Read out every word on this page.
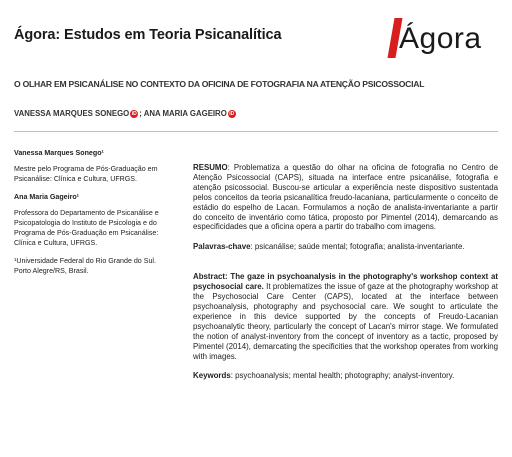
Ágora: Estudos em Teoria Psicanalítica	Ágora
O OLHAR EM PSICANÁLISE NO CONTEXTO DA OFICINA DE FOTOGRAFIA NA ATENÇÃO PSICOSSOCIAL
VANESSA MARQUES SONEGO iD ; ANA MARIA GAGEIRO iD
Vanessa Marques Sonego¹
Mestre pelo Programa de Pós-Graduação em Psicanálise: Clínica e Cultura, UFRGS.
Ana Maria Gageiro¹
Professora do Departamento de Psicanálise e Psicopatologia do Instituto de Psicologia e do Programa de Pós-Graduação em Psicanálise: Clínica e Cultura, UFRGS.
¹Universidade Federal do Rio Grande do Sul. Porto Alegre/RS, Brasil.

RESUMO: Problematiza a questão do olhar na oficina de fotografia no Centro de Atenção Psicossocial (CAPS), situada na interface entre psicanálise, fotografia e atenção psicossocial. Buscou-se articular a experiência neste dispositivo sustentada pelos conceitos da teoria psicanalítica freudo-lacaniana, particularmente o conceito de estádio do espelho de Lacan. Formulamos a noção de analista-inventariante a partir do conceito de inventário como tática, proposto por Pimentel (2014), demarcando as especificidades que a oficina opera a partir do trabalho com imagens.

Palavras-chave: psicanálise; saúde mental; fotografia; analista-inventariante.

Abstract: The gaze in psychoanalysis in the photography's workshop context at psychosocial care. It problematizes the issue of gaze at the photography workshop at the Psychosocial Care Center (CAPS), located at the interface between psychoanalysis, photography and psychosocial care. We sought to articulate the experience in this device supported by the concepts of Freudo-Lacanian psychoanalytic theory, particularly the concept of Lacan's mirror stage. We formulated the notion of analyst-inventory from the concept of inventory as a tactic, proposed by Pimentel (2014), demarcating the specificities that the workshop operates from working with images.

Keywords: psychoanalysis; mental health; photography; analyst-inventory.
